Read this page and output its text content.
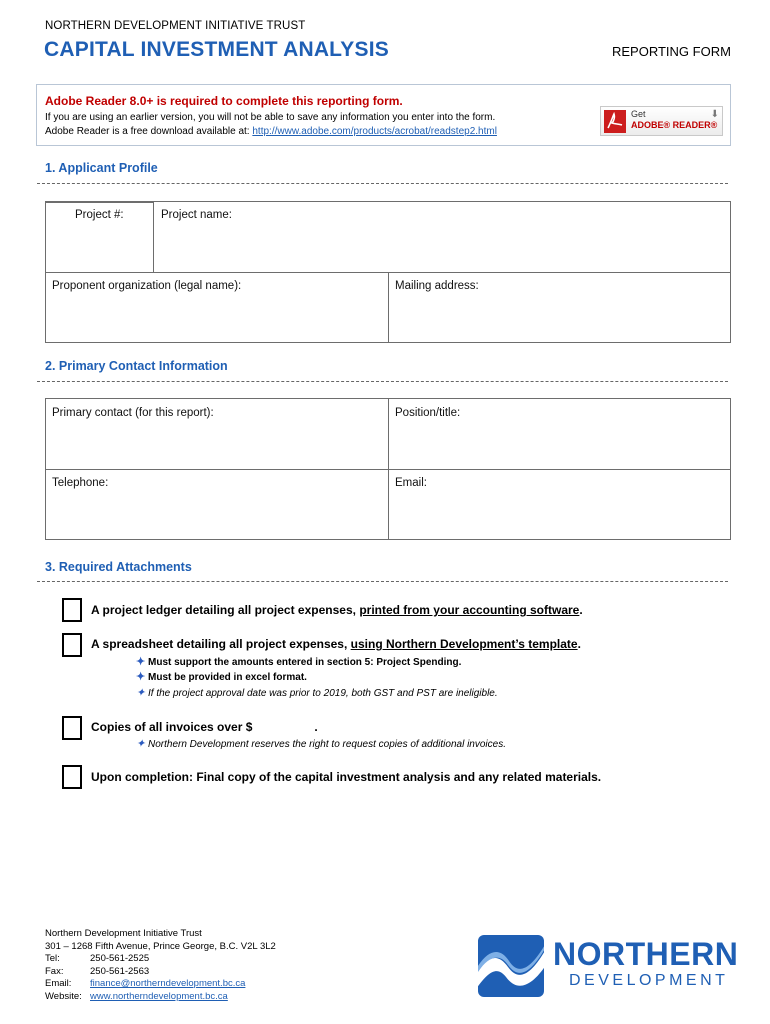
NORTHERN DEVELOPMENT INITIATIVE TRUST
CAPITAL INVESTMENT ANALYSIS	REPORTING FORM
Adobe Reader 8.0+ is required to complete this reporting form.
If you are using an earlier version, you will not be able to save any information you enter into the form.
Adobe Reader is a free download available at: http://www.adobe.com/products/acrobat/readstep2.html
Get
ADOBE® READER®
⬇
1. Applicant Profile
Project #:	Project name:
Proponent organization (legal name):	Mailing address:
2. Primary Contact Information
Primary contact (for this report):	Position/title:
Telephone:	Email:
3. Required Attachments
A project ledger detailing all project expenses, printed from your accounting software.
A spreadsheet detailing all project expenses, using Northern Development’s template.
✦ Must support the amounts entered in section 5: Project Spending.
✦ Must be provided in excel format.
✦ If the project approval date was prior to 2019, both GST and PST are ineligible.
Copies of all invoices over $	.
✦ Northern Development reserves the right to request copies of additional invoices.
Upon completion: Final copy of the capital investment analysis and any related materials.
Northern Development Initiative Trust
301 – 1268 Fifth Avenue, Prince George, B.C. V2L 3L2
Tel:	250-561-2525
Fax:	250-561-2563
Email: finance@northerndevelopment.bc.ca
Website: www.northerndevelopment.bc.ca
NORTHERN
DEVELOPMENT
